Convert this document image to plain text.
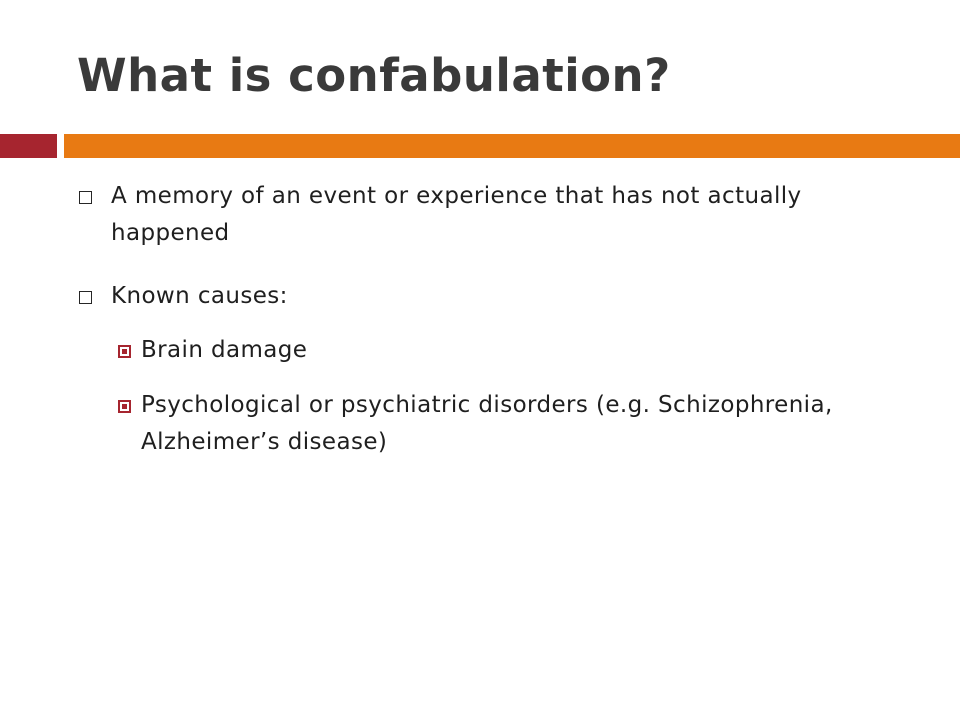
What is confabulation?
A memory of an event or experience that has not actually happened
Known causes:
Brain damage
Psychological or psychiatric disorders (e.g. Schizophrenia, Alzheimer’s disease)
